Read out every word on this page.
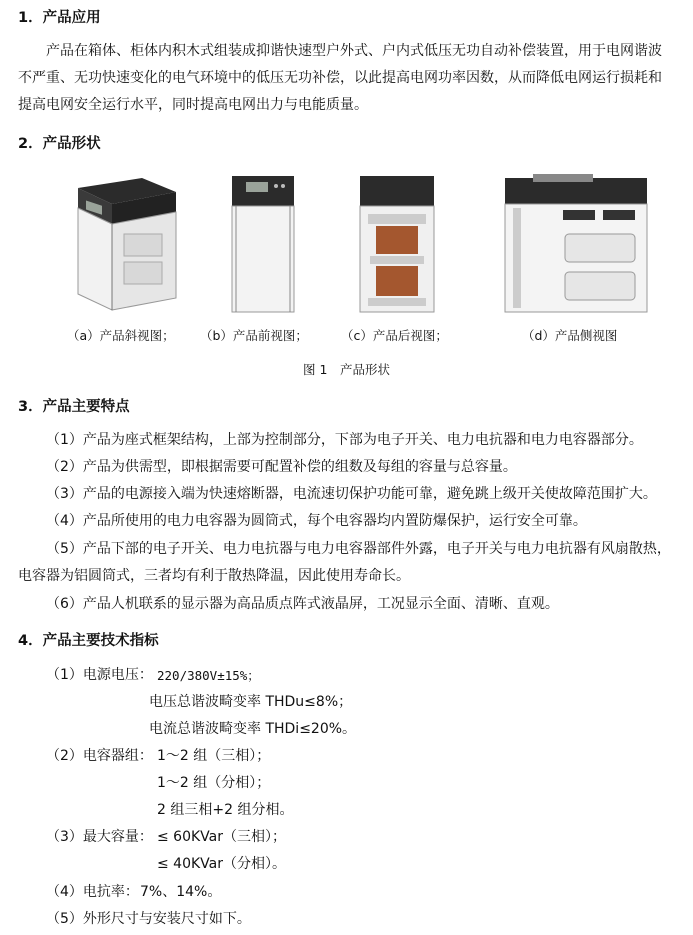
1．产品应用
产品在箱体、柜体内积木式组装成抑谐快速型户外式、户内式低压无功自动补偿装置，用于电网谐波
不严重、无功快速变化的电气环境中的低压无功补偿，以此提高电网功率因数，从而降低电网运行损耗和
提高电网安全运行水平，同时提高电网出力与电能质量。
2．产品形状
（a）产品斜视图； （b）产品前视图；	（c）产品后视图；	（d）产品侧视图
图 1　产品形状
3．产品主要特点
（1）产品为座式框架结构，上部为控制部分，下部为电子开关、电力电抗器和电力电容器部分。
（2）产品为供需型，即根据需要可配置补偿的组数及每组的容量与总容量。
（3）产品的电源接入端为快速熔断器，电流速切保护功能可靠，避免跳上级开关使故障范围扩大。
（4）产品所使用的电力电容器为圆筒式，每个电容器均内置防爆保护，运行安全可靠。
（5）产品下部的电子开关、电力电抗器与电力电容器部件外露，电子开关与电力电抗器有风扇散热，
电容器为铝圆筒式，三者均有利于散热降温，因此使用寿命长。
（6）产品人机联系的显示器为高品质点阵式液晶屏，工况显示全面、清晰、直观。
4．产品主要技术指标
（1）电源电压： 220/380V±15%；
电压总谐波畸变率 THDu≤8%；
电流总谐波畸变率 THDi≤20%。
（2）电容器组： 1～2 组（三相）；
1～2 组（分相）；
2 组三相+2 组分相。
（3）最大容量： ≤ 60KVar（三相）；
≤ 40KVar（分相）。
（4）电抗率： 7%、14%。
（5）外形尺寸与安装尺寸如下。
